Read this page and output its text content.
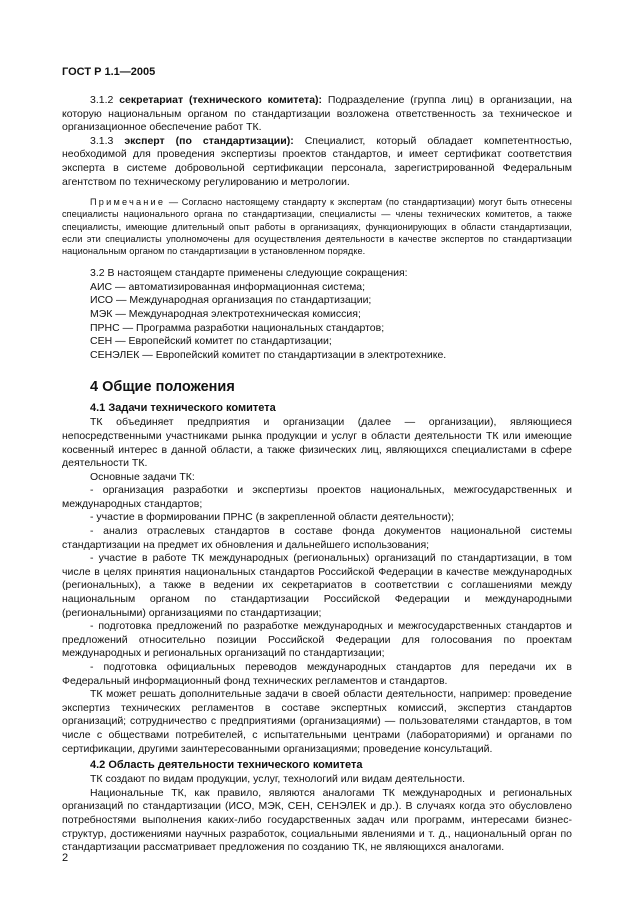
ГОСТ Р 1.1—2005

3.1.2 секретариат (технического комитета): Подразделение (группа лиц) в организации, на которую национальным органом по стандартизации возложена ответственность за техническое и организационное обеспечение работ ТК.

3.1.3 эксперт (по стандартизации): Специалист, который обладает компетентностью, необходимой для проведения экспертизы проектов стандартов, и имеет сертификат соответствия эксперта в системе добровольной сертификации персонала, зарегистрированной Федеральным агентством по техническому регулированию и метрологии.

Примечание — Согласно настоящему стандарту к экспертам (по стандартизации) могут быть отнесены специалисты национального органа по стандартизации, специалисты — члены технических комитетов, а также специалисты, имеющие длительный опыт работы в организациях, функционирующих в области стандартизации, если эти специалисты уполномочены для осуществления деятельности в качестве экспертов по стандартизации национальным органом по стандартизации в установленном порядке.

3.2 В настоящем стандарте применены следующие сокращения:

АИС — автоматизированная информационная система;

ИСО — Международная организация по стандартизации;

МЭК — Международная электротехническая комиссия;

ПРНС — Программа разработки национальных стандартов;

СЕН — Европейский комитет по стандартизации;

СЕНЭЛЕК — Европейский комитет по стандартизации в электротехнике.

4 Общие положения
4.1 Задачи технического комитета

ТК объединяет предприятия и организации (далее — организации), являющиеся непосредственными участниками рынка продукции и услуг в области деятельности ТК или имеющие косвенный интерес в данной области, а также физических лиц, являющихся специалистами в сфере деятельности ТК.

Основные задачи ТК:

- организация разработки и экспертизы проектов национальных, межгосударственных и международных стандартов;

- участие в формировании ПРНС (в закрепленной области деятельности);

- анализ отраслевых стандартов в составе фонда документов национальной системы стандартизации на предмет их обновления и дальнейшего использования;

- участие в работе ТК международных (региональных) организаций по стандартизации, в том числе в целях принятия национальных стандартов Российской Федерации в качестве международных (региональных), а также в ведении их секретариатов в соответствии с соглашениями между национальным органом по стандартизации Российской Федерации и международными (региональными) организациями по стандартизации;

- подготовка предложений по разработке международных и межгосударственных стандартов и предложений относительно позиции Российской Федерации для голосования по проектам международных и региональных организаций по стандартизации;

- подготовка официальных переводов международных стандартов для передачи их в Федеральный информационный фонд технических регламентов и стандартов.

ТК может решать дополнительные задачи в своей области деятельности, например: проведение экспертиз технических регламентов в составе экспертных комиссий, экспертиз стандартов организаций; сотрудничество с предприятиями (организациями) — пользователями стандартов, в том числе с обществами потребителей, с испытательными центрами (лабораториями) и органами по сертификации, другими заинтересованными организациями; проведение консультаций.

4.2 Область деятельности технического комитета

ТК создают по видам продукции, услуг, технологий или видам деятельности.

Национальные ТК, как правило, являются аналогами ТК международных и региональных организаций по стандартизации (ИСО, МЭК, СЕН, СЕНЭЛЕК и др.). В случаях когда это обусловлено потребностями выполнения каких-либо государственных задач или программ, интересами бизнес-структур, достижениями научных разработок, социальными явлениями и т. д., национальный орган по стандартизации рассматривает предложения по созданию ТК, не являющихся аналогами.

2
